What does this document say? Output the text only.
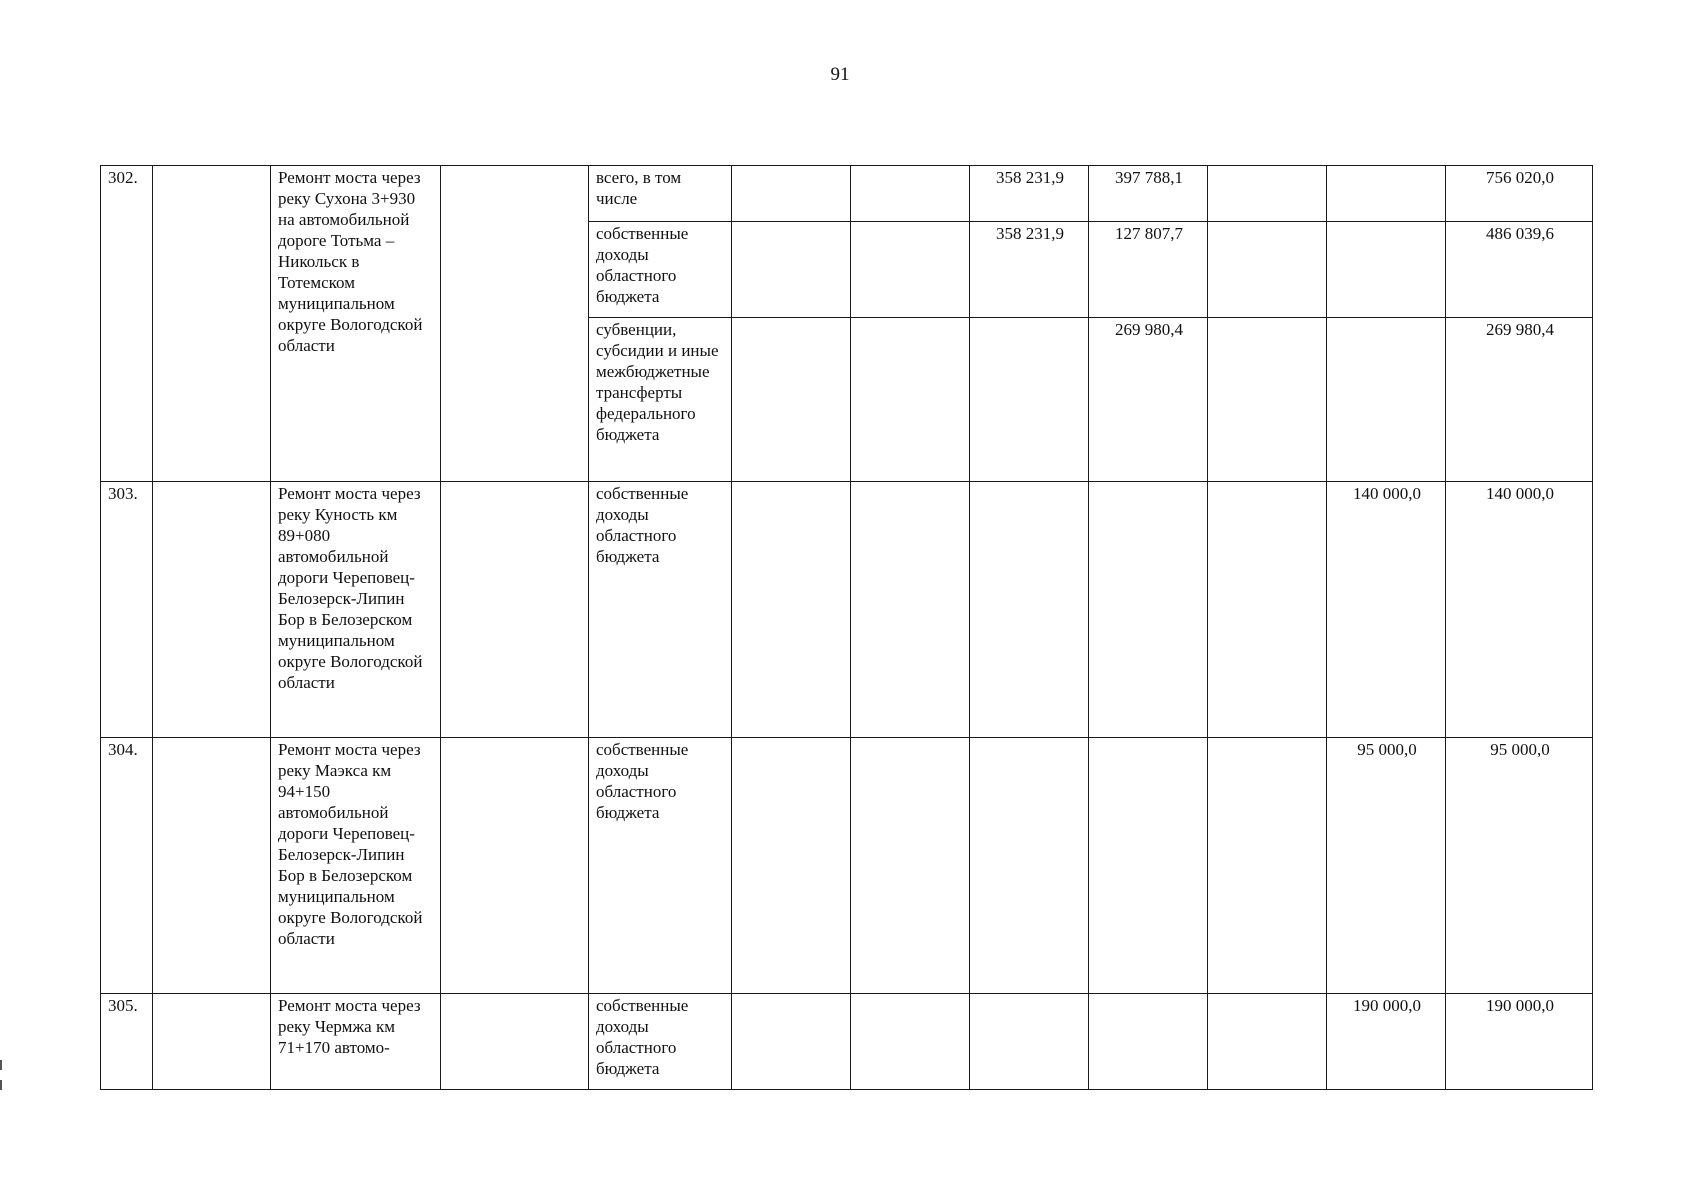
91
302.		Ремонт моста через реку Сухона 3+930 на автомобильной дороге Тотьма – Никольск в Тотемском муниципальном округе Вологодской области		всего, в том числе			358 231,9	397 788,1			756 020,0
				собственные доходы областного бюджета			358 231,9	127 807,7			486 039,6
				субвенции, субсидии и иные межбюджетные трансферты федерального бюджета				269 980,4			269 980,4
303.		Ремонт моста через реку Куность км 89+080 автомобильной дороги Череповец-Белозерск-Липин Бор в Белозерском муниципальном округе Вологодской области		собственные доходы областного бюджета						140 000,0	140 000,0
304.		Ремонт моста через реку Маэкса км 94+150 автомобильной дороги Череповец-Белозерск-Липин Бор в Белозерском муниципальном округе Вологодской области		собственные доходы областного бюджета						95 000,0	95 000,0
305.		Ремонт моста через реку Чермжа км 71+170 автомо-		собственные доходы областного бюджета						190 000,0	190 000,0
